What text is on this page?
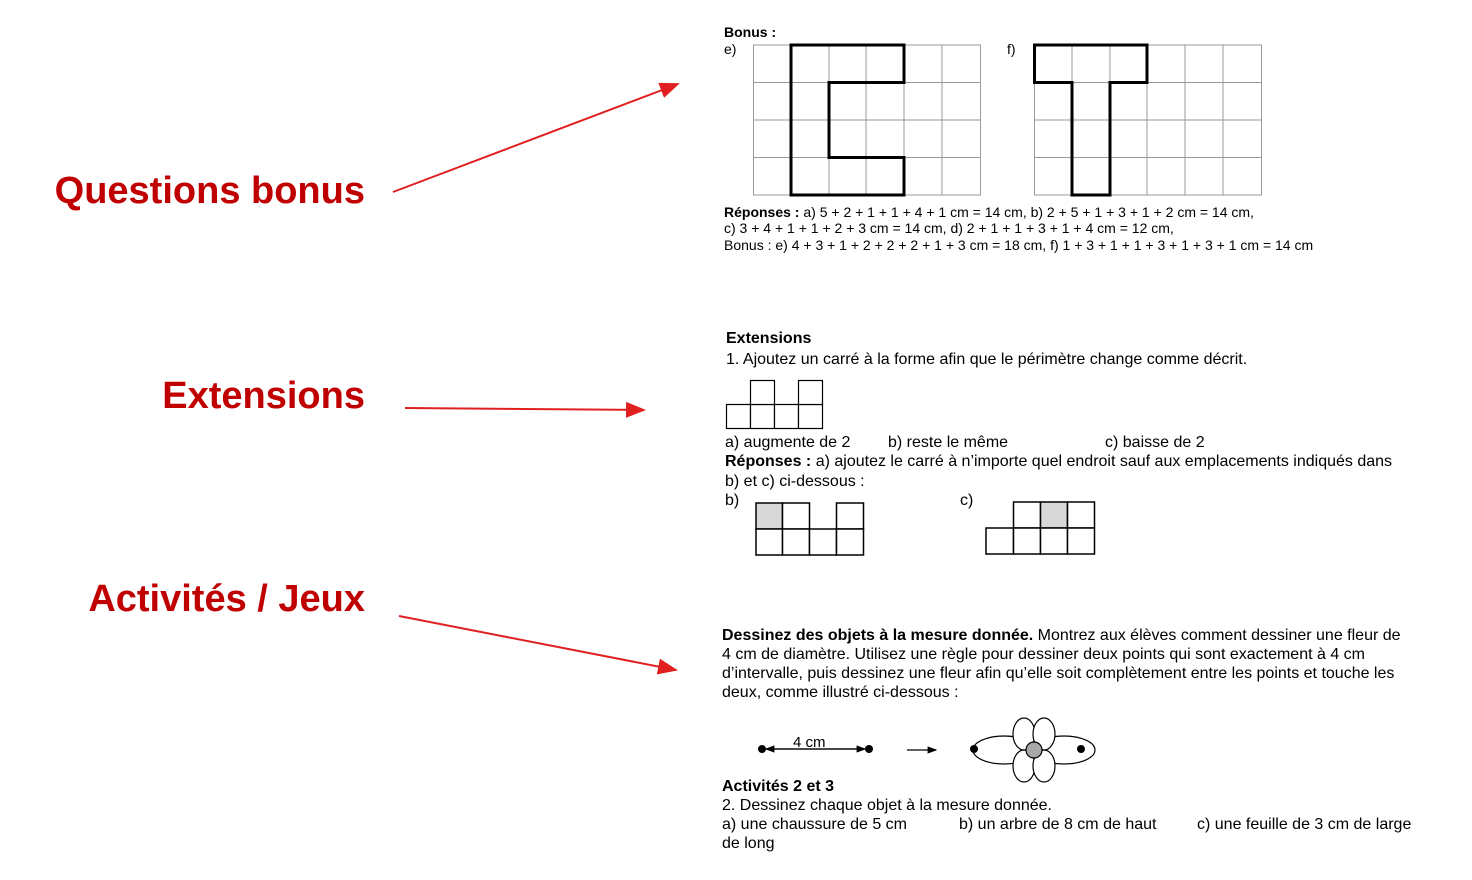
Questions bonus
Extensions
Activités / Jeux
Bonus :
e)	f)
Réponses : a) 5 + 2 + 1 + 1 + 4 + 1 cm = 14 cm, b) 2 + 5 + 1 + 3 + 1 + 2 cm = 14 cm,
c) 3 + 4 + 1 + 1 + 2 + 3 cm = 14 cm, d) 2 + 1 + 1 + 3 + 1 + 4 cm = 12 cm,
Bonus : e) 4 + 3 + 1 + 2 + 2 + 2 + 1 + 3 cm = 18 cm, f) 1 + 3 + 1 + 1 + 3 + 1 + 3 + 1 cm = 14 cm
Extensions
1. Ajoutez un carré à la forme afin que le périmètre change comme décrit.
a) augmente de 2 b) reste le même	c) baisse de 2
Réponses : a) ajoutez le carré à n’importe quel endroit sauf aux emplacements indiqués dans
b) et c) ci-dessous :
b)	c)
Dessinez des objets à la mesure donnée. Montrez aux élèves comment dessiner une fleur de
4 cm de diamètre. Utilisez une règle pour dessiner deux points qui sont exactement à 4 cm
d’intervalle, puis dessinez une fleur afin qu’elle soit complètement entre les points et touche les
deux, comme illustré ci-dessous :
4 cm
Activités 2 et 3
2. Dessinez chaque objet à la mesure donnée.
a) une chaussure de 5 cm	b) un arbre de 8 cm de haut	c) une feuille de 3 cm de large
de long
